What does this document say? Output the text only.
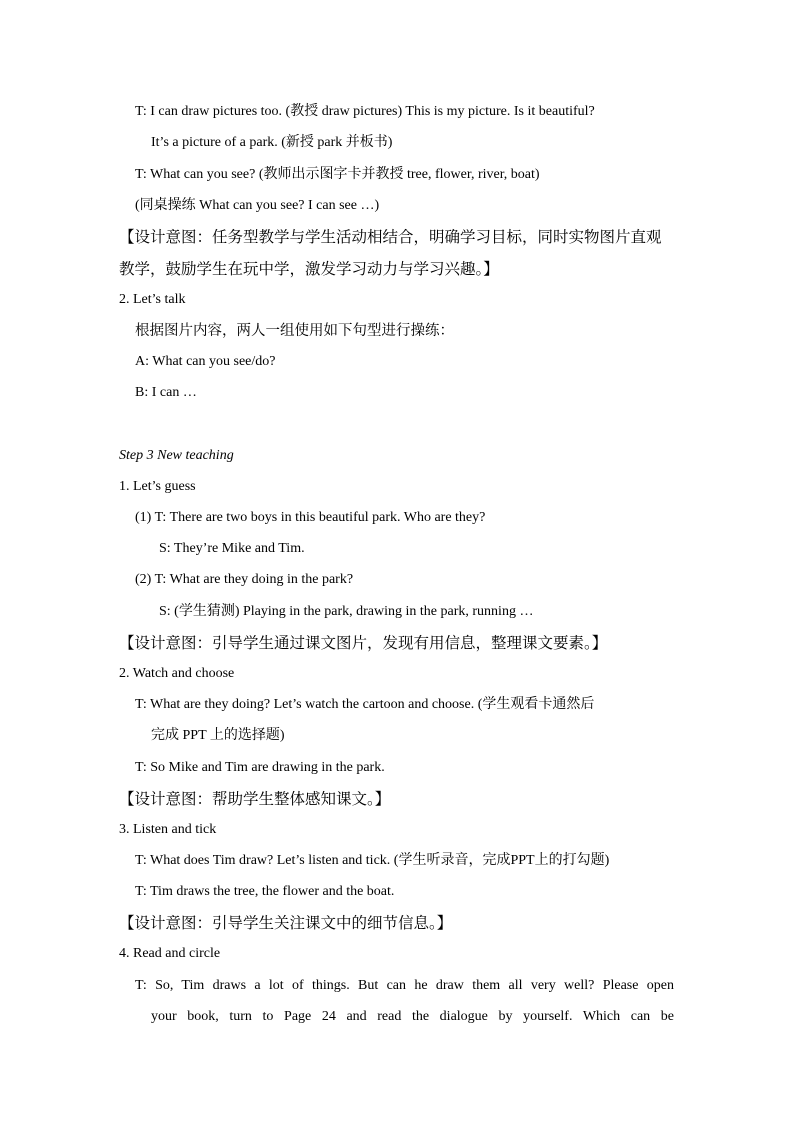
T: I can draw pictures too. (教授 draw pictures) This is my picture. Is it beautiful?
It’s a picture of a park. (新授 park 并板书)
T: What can you see? (教师出示图字卡并教授 tree, flower, river, boat)
(同桌操练 What can you see? I can see …)
【设计意图：任务型教学与学生活动相结合，明确学习目标，同时实物图片直观
教学，鼓励学生在玩中学，激发学习动力与学习兴趣。】
2. Let’s talk
根据图片内容，两人一组使用如下句型进行操练：
A: What can you see/do?
B: I can …
Step 3 New teaching
1. Let’s guess
(1) T: There are two boys in this beautiful park. Who are they?
S: They’re Mike and Tim.
(2) T: What are they doing in the park?
S: (学生猜测) Playing in the park, drawing in the park, running …
【设计意图：引导学生通过课文图片，发现有用信息，整理课文要素。】
2. Watch and choose
T: What are they doing? Let’s watch the cartoon and choose. (学生观看卡通然后
完成 PPT 上的选择题)
T: So Mike and Tim are drawing in the park.
【设计意图：帮助学生整体感知课文。】
3. Listen and tick
T: What does Tim draw? Let’s listen and tick. (学生听录音，完成PPT上的打勾题)
T: Tim draws the tree, the flower and the boat.
【设计意图：引导学生关注课文中的细节信息。】
4. Read and circle
T: So, Tim draws a lot of things. But can he draw them all very well? Please open
your book, turn to Page 24 and read the dialogue by yourself. Which can be
